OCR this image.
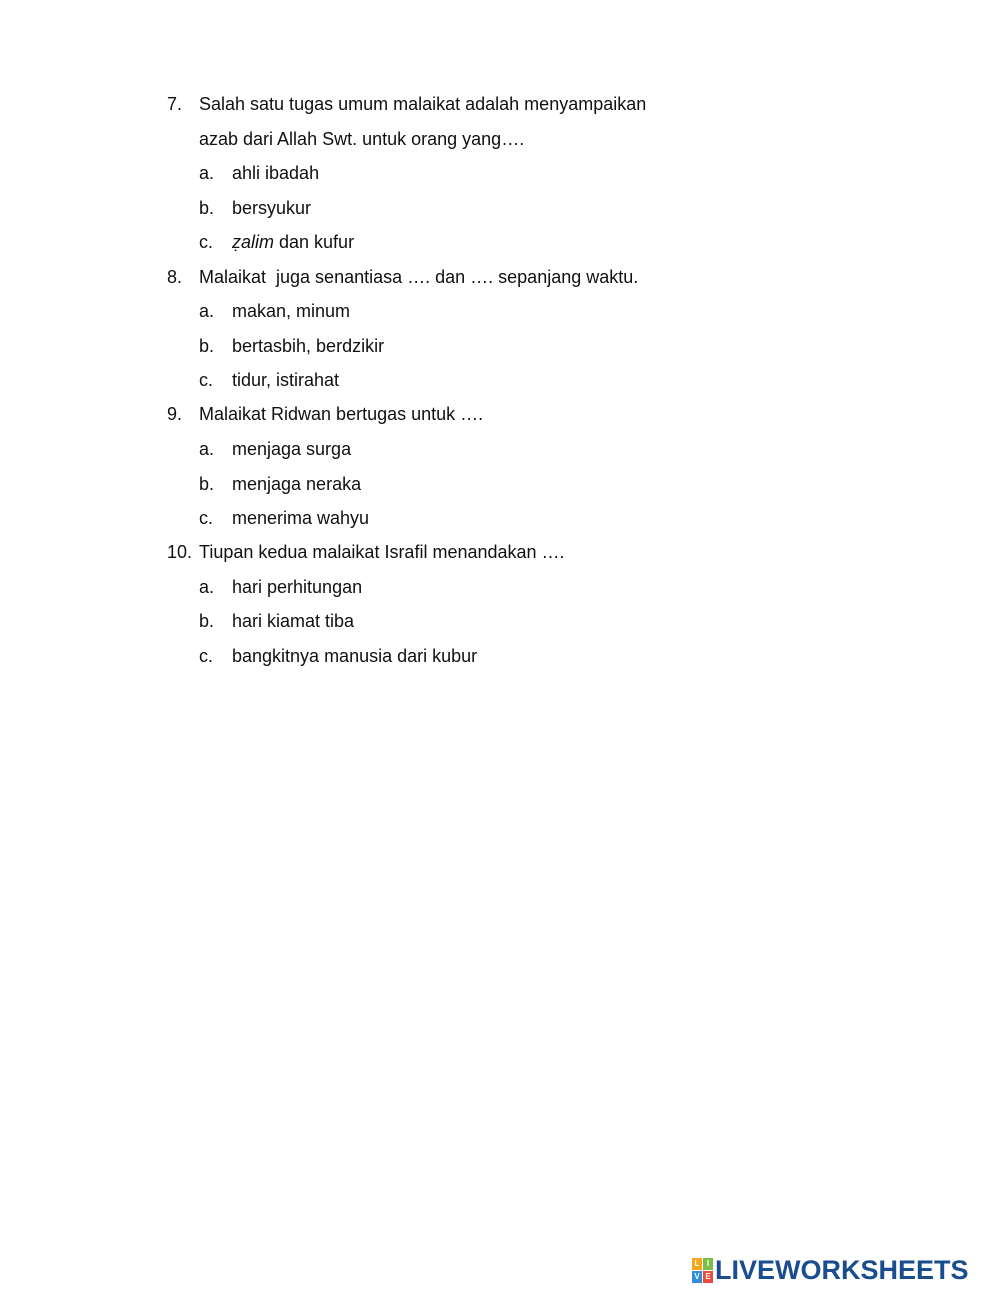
7. Salah satu tugas umum malaikat adalah menyampaikan
azab dari Allah Swt. untuk orang yang….
a. ahli ibadah
b. bersyukur
c. ẓalim dan kufur
8. Malaikat  juga senantiasa …. dan …. sepanjang waktu.
a. makan, minum
b. bertasbih, berdzikir
c. tidur, istirahat
9. Malaikat Ridwan bertugas untuk ….
a. menjaga surga
b. menjaga neraka
c. menerima wahyu
10. Tiupan kedua malaikat Israfil menandakan ….
a. hari perhitungan
b. hari kiamat tiba
c. bangkitnya manusia dari kubur
L I
V E LIVEWORKSHEETS
